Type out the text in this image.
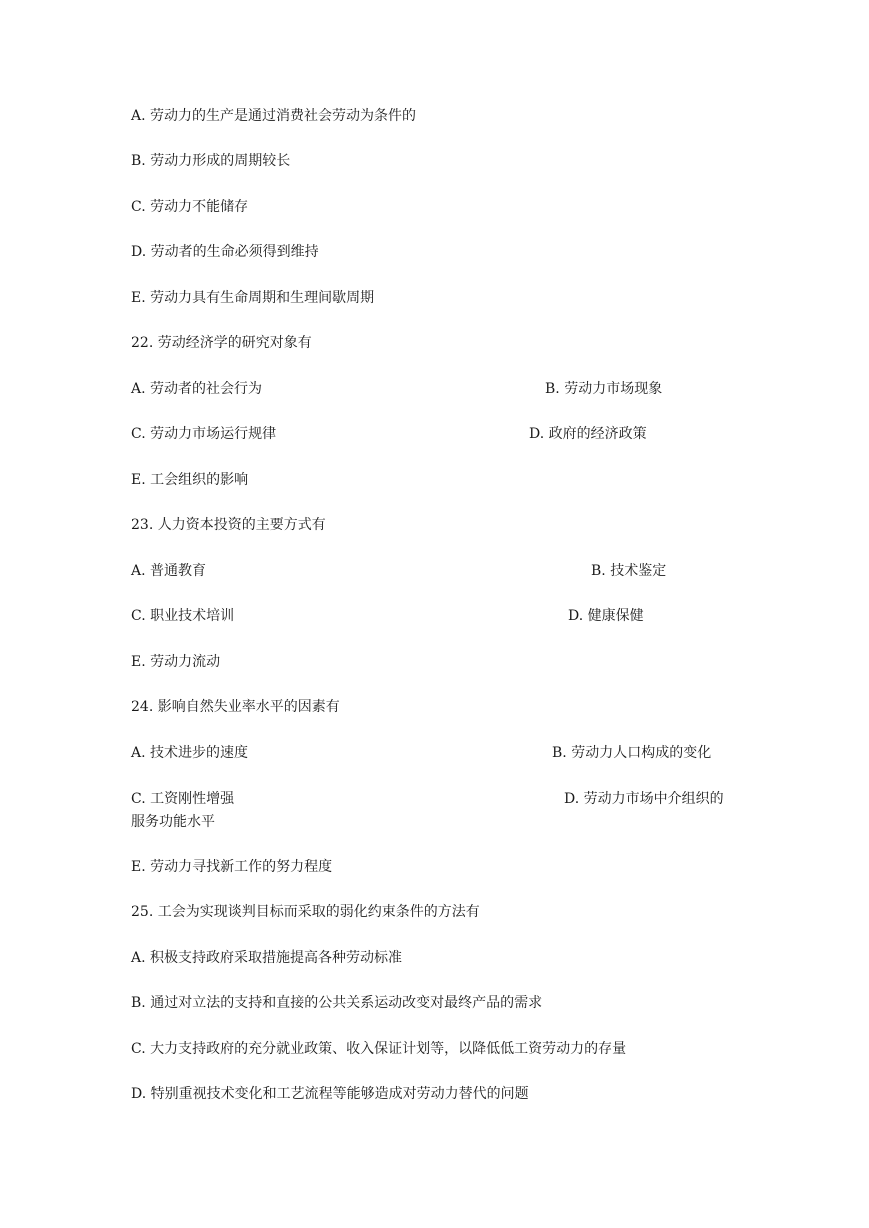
A. 劳动力的生产是通过消费社会劳动为条件的

B. 劳动力形成的周期较长

C. 劳动力不能储存

D. 劳动者的生命必须得到维持

E. 劳动力具有生命周期和生理间歇周期

22. 劳动经济学的研究对象有

A. 劳动者的社会行为	B. 劳动力市场现象

C. 劳动力市场运行规律	D. 政府的经济政策

E. 工会组织的影响

23. 人力资本投资的主要方式有

A. 普通教育	B. 技术鉴定

C. 职业技术培训	D. 健康保健

E. 劳动力流动

24. 影响自然失业率水平的因素有

A. 技术进步的速度	B. 劳动力人口构成的变化

C. 工资刚性增强	D. 劳动力市场中介组织的

服务功能水平

E. 劳动力寻找新工作的努力程度

25. 工会为实现谈判目标而采取的弱化约束条件的方法有

A. 积极支持政府采取措施提高各种劳动标准

B. 通过对立法的支持和直接的公共关系运动改变对最终产品的需求

C. 大力支持政府的充分就业政策、收入保证计划等，以降低低工资劳动力的存量

D. 特别重视技术变化和工艺流程等能够造成对劳动力替代的问题
